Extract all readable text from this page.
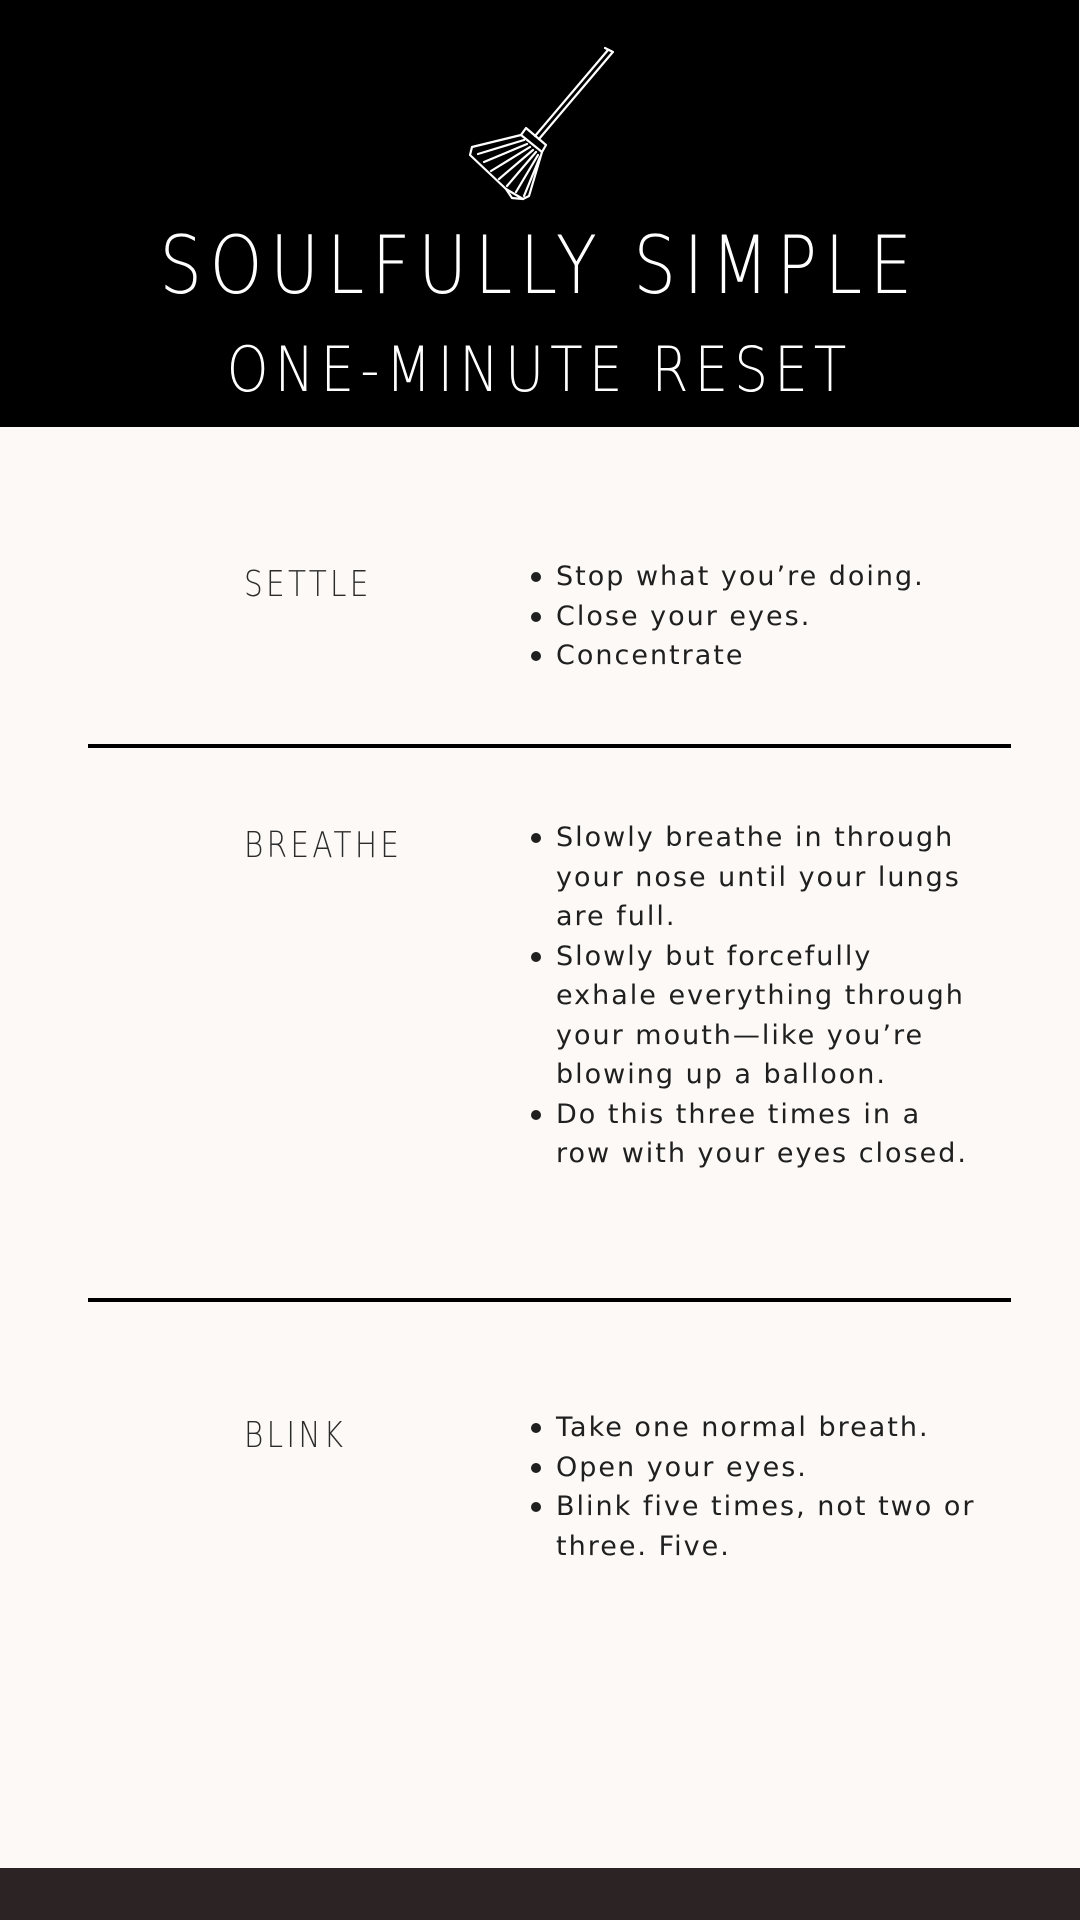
SOULFULLY SIMPLE
ONE-MINUTE RESET
SETTLE	Stop what you’re doing.
Close your eyes.
Concentrate
BREATHE	Slowly breathe in through
your nose until your lungs
are full.
Slowly but forcefully
exhale everything through
your mouth—like you’re
blowing up a balloon.
Do this three times in a
row with your eyes closed.
BLINK	Take one normal breath.
Open your eyes.
Blink five times, not two or
three. Five.
